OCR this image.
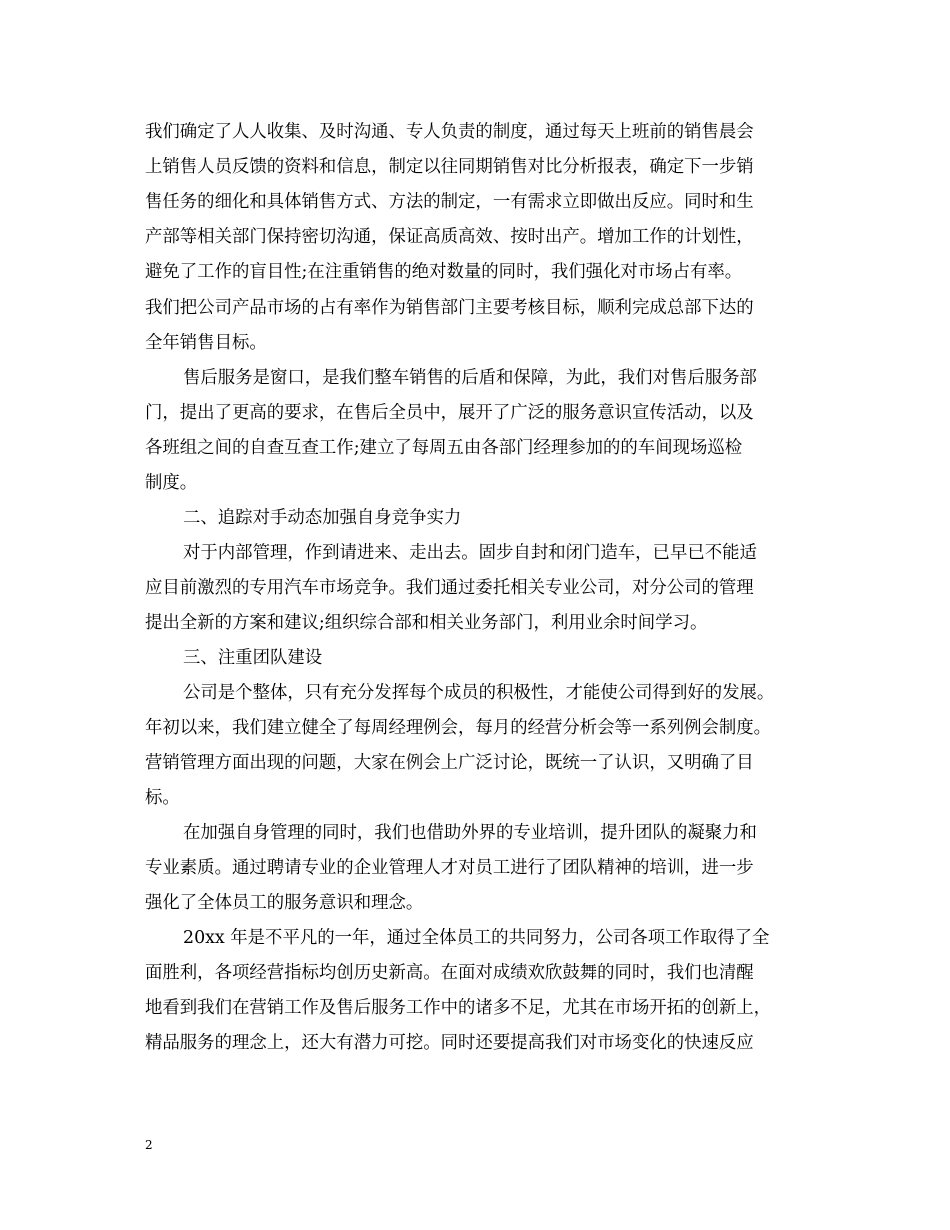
我们确定了人人收集、及时沟通、专人负责的制度，通过每天上班前的销售晨会
上销售人员反馈的资料和信息，制定以往同期销售对比分析报表，确定下一步销
售任务的细化和具体销售方式、方法的制定，一有需求立即做出反应。同时和生
产部等相关部门保持密切沟通，保证高质高效、按时出产。增加工作的计划性，
避免了工作的盲目性;在注重销售的绝对数量的同时，我们强化对市场占有率。
我们把公司产品市场的占有率作为销售部门主要考核目标，顺利完成总部下达的
全年销售目标。
售后服务是窗口，是我们整车销售的后盾和保障，为此，我们对售后服务部
门，提出了更高的要求，在售后全员中，展开了广泛的服务意识宣传活动，以及
各班组之间的自查互查工作;建立了每周五由各部门经理参加的的车间现场巡检
制度。
二、追踪对手动态加强自身竞争实力
对于内部管理，作到请进来、走出去。固步自封和闭门造车，已早已不能适
应目前激烈的专用汽车市场竞争。我们通过委托相关专业公司，对分公司的管理
提出全新的方案和建议;组织综合部和相关业务部门，利用业余时间学习。
三、注重团队建设
公司是个整体，只有充分发挥每个成员的积极性，才能使公司得到好的发展。
年初以来，我们建立健全了每周经理例会，每月的经营分析会等一系列例会制度。
营销管理方面出现的问题，大家在例会上广泛讨论，既统一了认识，又明确了目
标。
在加强自身管理的同时，我们也借助外界的专业培训，提升团队的凝聚力和
专业素质。通过聘请专业的企业管理人才对员工进行了团队精神的培训，进一步
强化了全体员工的服务意识和理念。
20xx 年是不平凡的一年，通过全体员工的共同努力，公司各项工作取得了全
面胜利，各项经营指标均创历史新高。在面对成绩欢欣鼓舞的同时，我们也清醒
地看到我们在营销工作及售后服务工作中的诸多不足，尤其在市场开拓的创新上，
精品服务的理念上，还大有潜力可挖。同时还要提高我们对市场变化的快速反应
2
